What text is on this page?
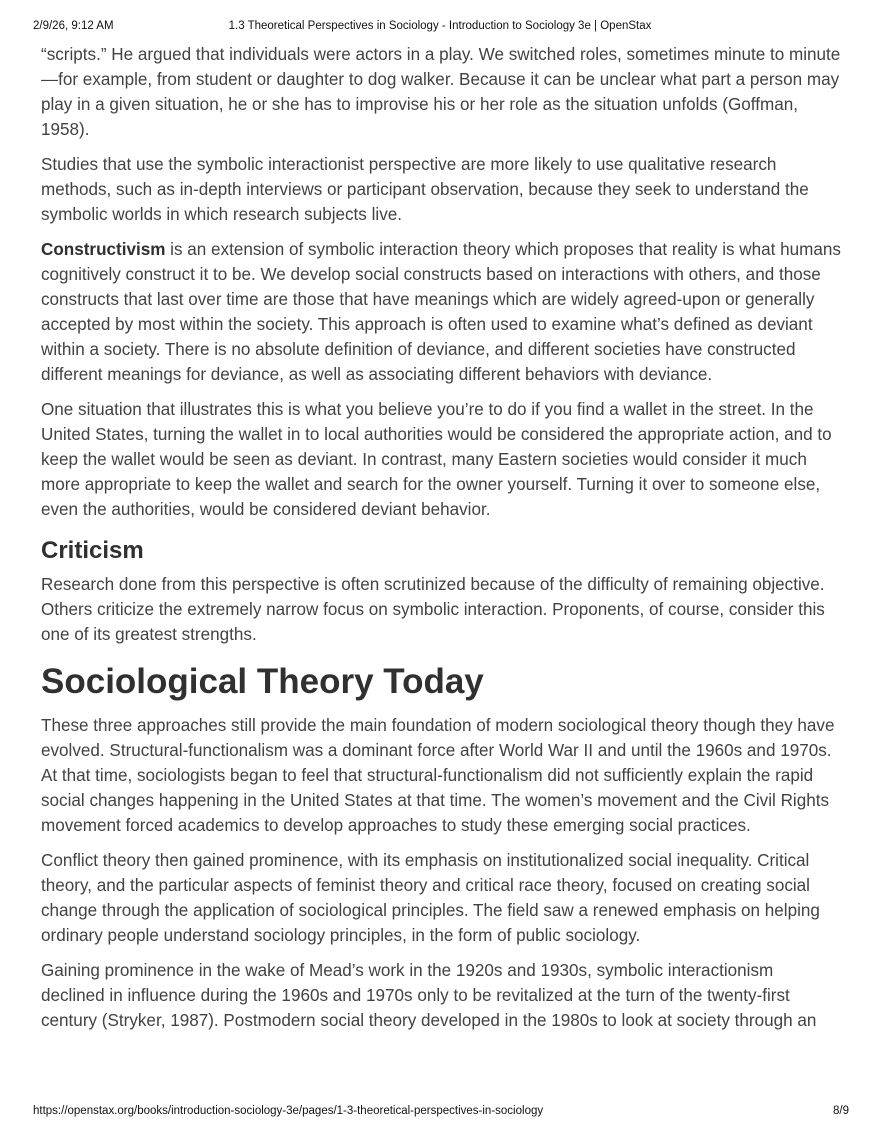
2/9/26, 9:12 AM	1.3 Theoretical Perspectives in Sociology - Introduction to Sociology 3e | OpenStax

“scripts.” He argued that individuals were actors in a play. We switched roles, sometimes minute to minute—for example, from student or daughter to dog walker. Because it can be unclear what part a person may play in a given situation, he or she has to improvise his or her role as the situation unfolds (Goffman, 1958).

Studies that use the symbolic interactionist perspective are more likely to use qualitative research methods, such as in-depth interviews or participant observation, because they seek to understand the symbolic worlds in which research subjects live.

Constructivism is an extension of symbolic interaction theory which proposes that reality is what humans cognitively construct it to be. We develop social constructs based on interactions with others, and those constructs that last over time are those that have meanings which are widely agreed-upon or generally accepted by most within the society. This approach is often used to examine what’s defined as deviant within a society. There is no absolute definition of deviance, and different societies have constructed different meanings for deviance, as well as associating different behaviors with deviance.

One situation that illustrates this is what you believe you’re to do if you find a wallet in the street. In the United States, turning the wallet in to local authorities would be considered the appropriate action, and to keep the wallet would be seen as deviant. In contrast, many Eastern societies would consider it much more appropriate to keep the wallet and search for the owner yourself. Turning it over to someone else, even the authorities, would be considered deviant behavior.

Criticism

Research done from this perspective is often scrutinized because of the difficulty of remaining objective. Others criticize the extremely narrow focus on symbolic interaction. Proponents, of course, consider this one of its greatest strengths.

Sociological Theory Today

These three approaches still provide the main foundation of modern sociological theory though they have evolved. Structural-functionalism was a dominant force after World War II and until the 1960s and 1970s. At that time, sociologists began to feel that structural-functionalism did not sufficiently explain the rapid social changes happening in the United States at that time. The women’s movement and the Civil Rights movement forced academics to develop approaches to study these emerging social practices.

Conflict theory then gained prominence, with its emphasis on institutionalized social inequality. Critical theory, and the particular aspects of feminist theory and critical race theory, focused on creating social change through the application of sociological principles. The field saw a renewed emphasis on helping ordinary people understand sociology principles, in the form of public sociology.

Gaining prominence in the wake of Mead’s work in the 1920s and 1930s, symbolic interactionism declined in influence during the 1960s and 1970s only to be revitalized at the turn of the twenty-first century (Stryker, 1987). Postmodern social theory developed in the 1980s to look at society through an

https://openstax.org/books/introduction-sociology-3e/pages/1-3-theoretical-perspectives-in-sociology	8/9
